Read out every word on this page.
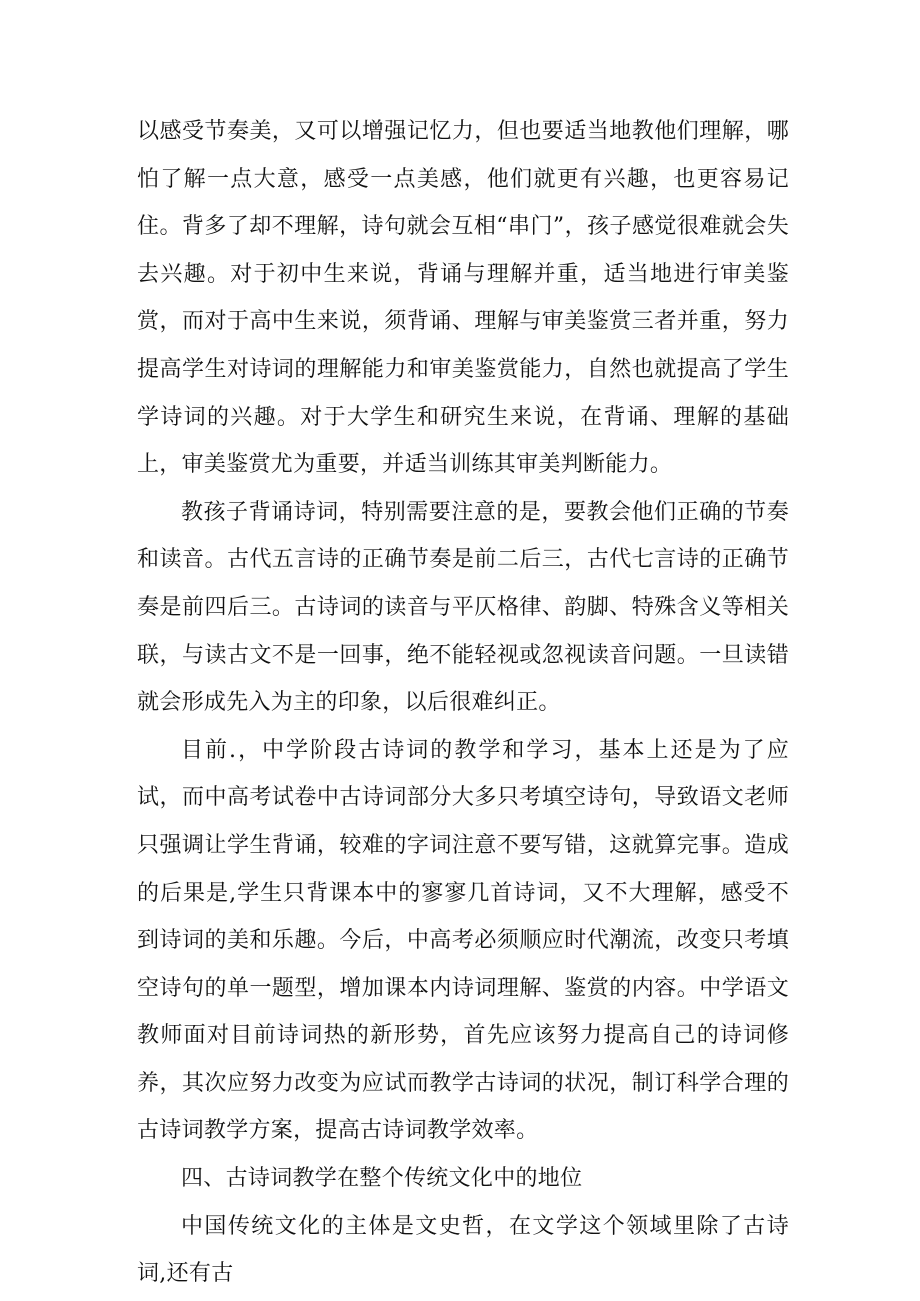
以感受节奏美，又可以增强记忆力，但也要适当地教他们理解，哪怕了解一点大意，感受一点美感，他们就更有兴趣，也更容易记住。背多了却不理解，诗句就会互相“串门”，孩子感觉很难就会失去兴趣。对于初中生来说，背诵与理解并重，适当地进行审美鉴赏，而对于高中生来说，须背诵、理解与审美鉴赏三者并重，努力提高学生对诗词的理解能力和审美鉴赏能力，自然也就提高了学生学诗词的兴趣。对于大学生和研究生来说，在背诵、理解的基础上，审美鉴赏尤为重要，并适当训练其审美判断能力。

教孩子背诵诗词，特别需要注意的是，要教会他们正确的节奏和读音。古代五言诗的正确节奏是前二后三，古代七言诗的正确节奏是前四后三。古诗词的读音与平仄格律、韵脚、特殊含义等相关联，与读古文不是一回事，绝不能轻视或忽视读音问题。一旦读错就会形成先入为主的印象，以后很难纠正。

目前.，中学阶段古诗词的教学和学习，基本上还是为了应试，而中高考试卷中古诗词部分大多只考填空诗句，导致语文老师只强调让学生背诵，较难的字词注意不要写错，这就算完事。造成的后果是,学生只背课本中的寥寥几首诗词，又不大理解，感受不到诗词的美和乐趣。今后，中高考必须顺应时代潮流，改变只考填空诗句的单一题型，增加课本内诗词理解、鉴赏的内容。中学语文教师面对目前诗词热的新形势，首先应该努力提高自己的诗词修养，其次应努力改变为应试而教学古诗词的状况，制订科学合理的古诗词教学方案，提高古诗词教学效率。

四、古诗词教学在整个传统文化中的地位

中国传统文化的主体是文史哲，在文学这个领域里除了古诗词,还有古
